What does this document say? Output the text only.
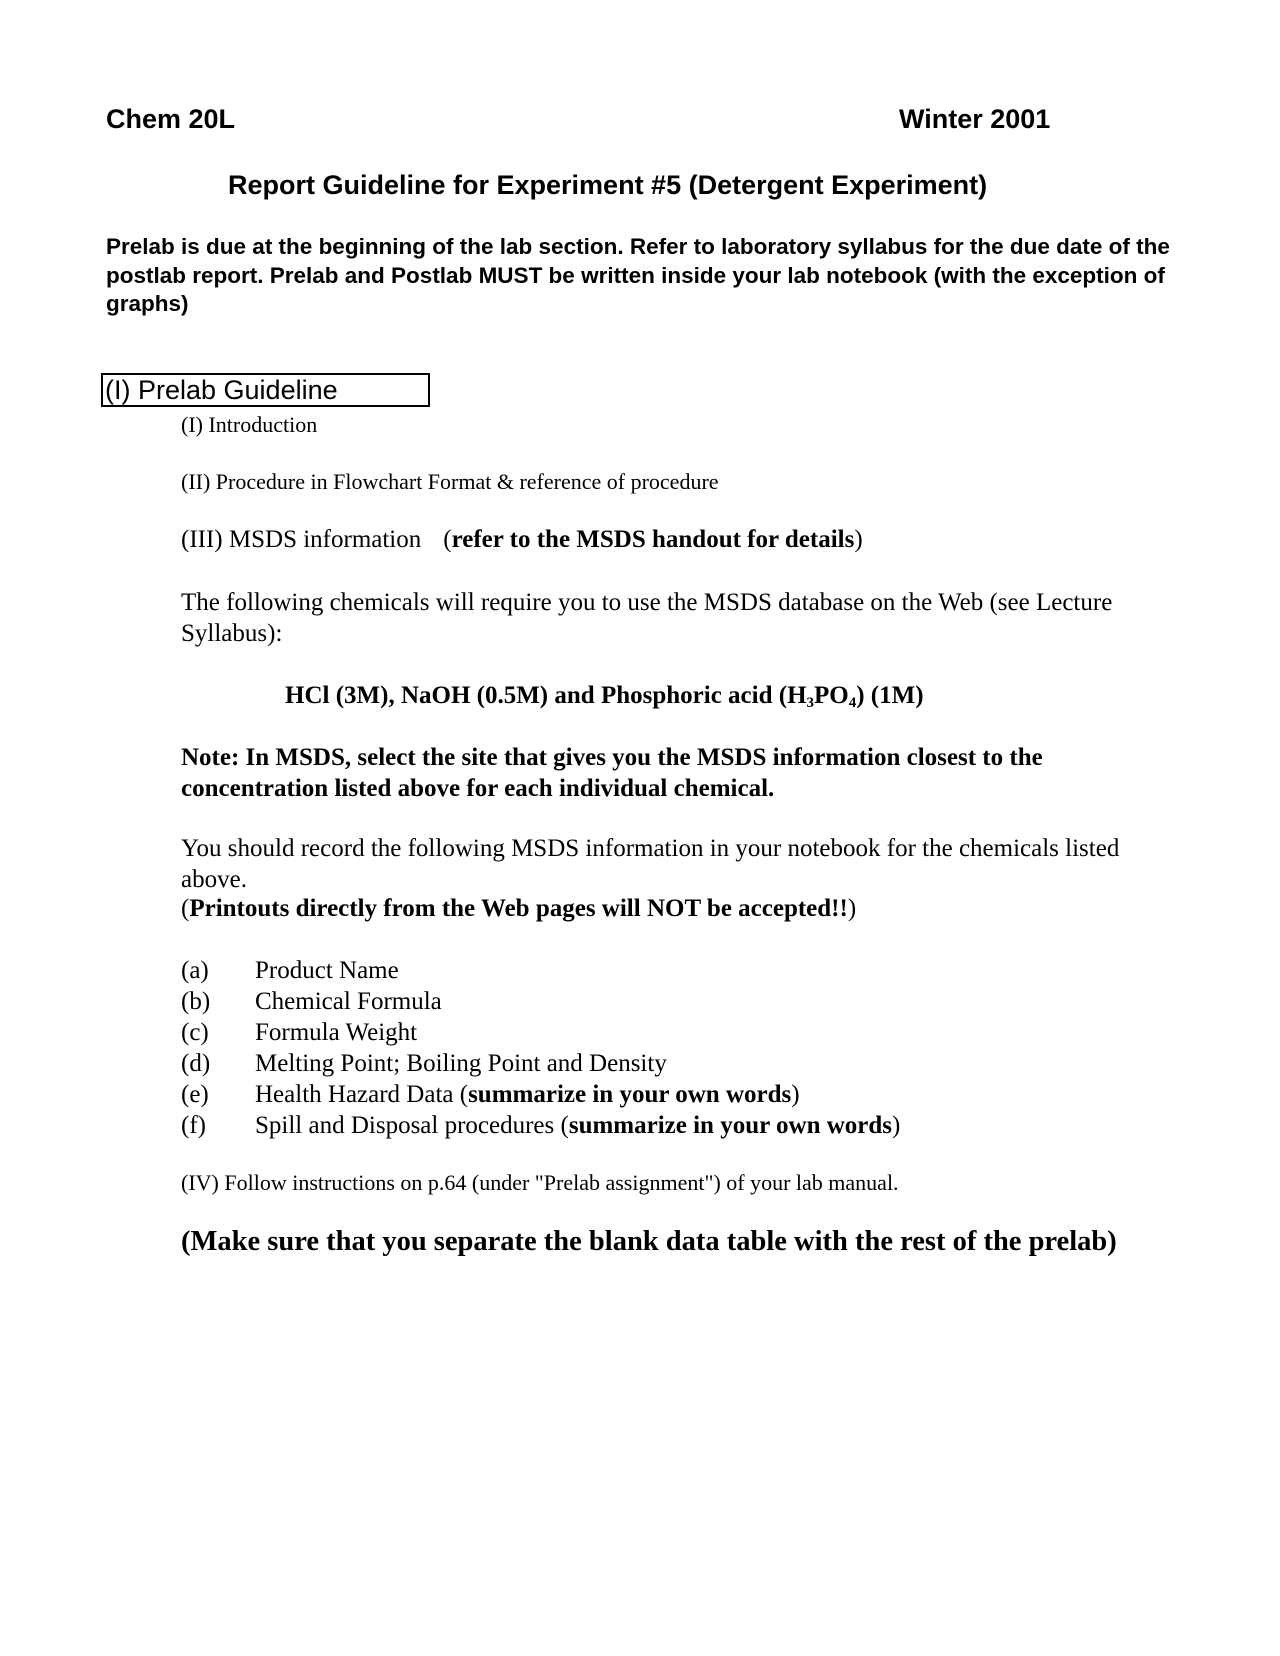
Chem 20L	Winter 2001
Report Guideline for Experiment #5 (Detergent Experiment)
Prelab is due at the beginning of the lab section. Refer to laboratory syllabus for the due date of the postlab report. Prelab and Postlab MUST be written inside your lab notebook (with the exception of graphs)
(I) Prelab Guideline
(I) Introduction
(II) Procedure in Flowchart Format & reference of procedure
(III) MSDS information (refer to the MSDS handout for details)
The following chemicals will require you to use the MSDS database on the Web (see Lecture Syllabus):
HCl (3M), NaOH (0.5M) and Phosphoric acid $(H_3PO_4)$ (1M)
Note: In MSDS, select the site that gives you the MSDS information closest to the concentration listed above for each individual chemical.
You should record the following MSDS information in your notebook for the chemicals listed above.
(Printouts directly from the Web pages will NOT be accepted!!)
(a)	Product Name
(b)	Chemical Formula
(c)	Formula Weight
(d)	Melting Point; Boiling Point and Density
(e)	Health Hazard Data (summarize in your own words)
(f)	Spill and Disposal procedures (summarize in your own words)
(IV) Follow instructions on p.64 (under "Prelab assignment") of your lab manual.
(Make sure that you separate the blank data table with the rest of the prelab)
